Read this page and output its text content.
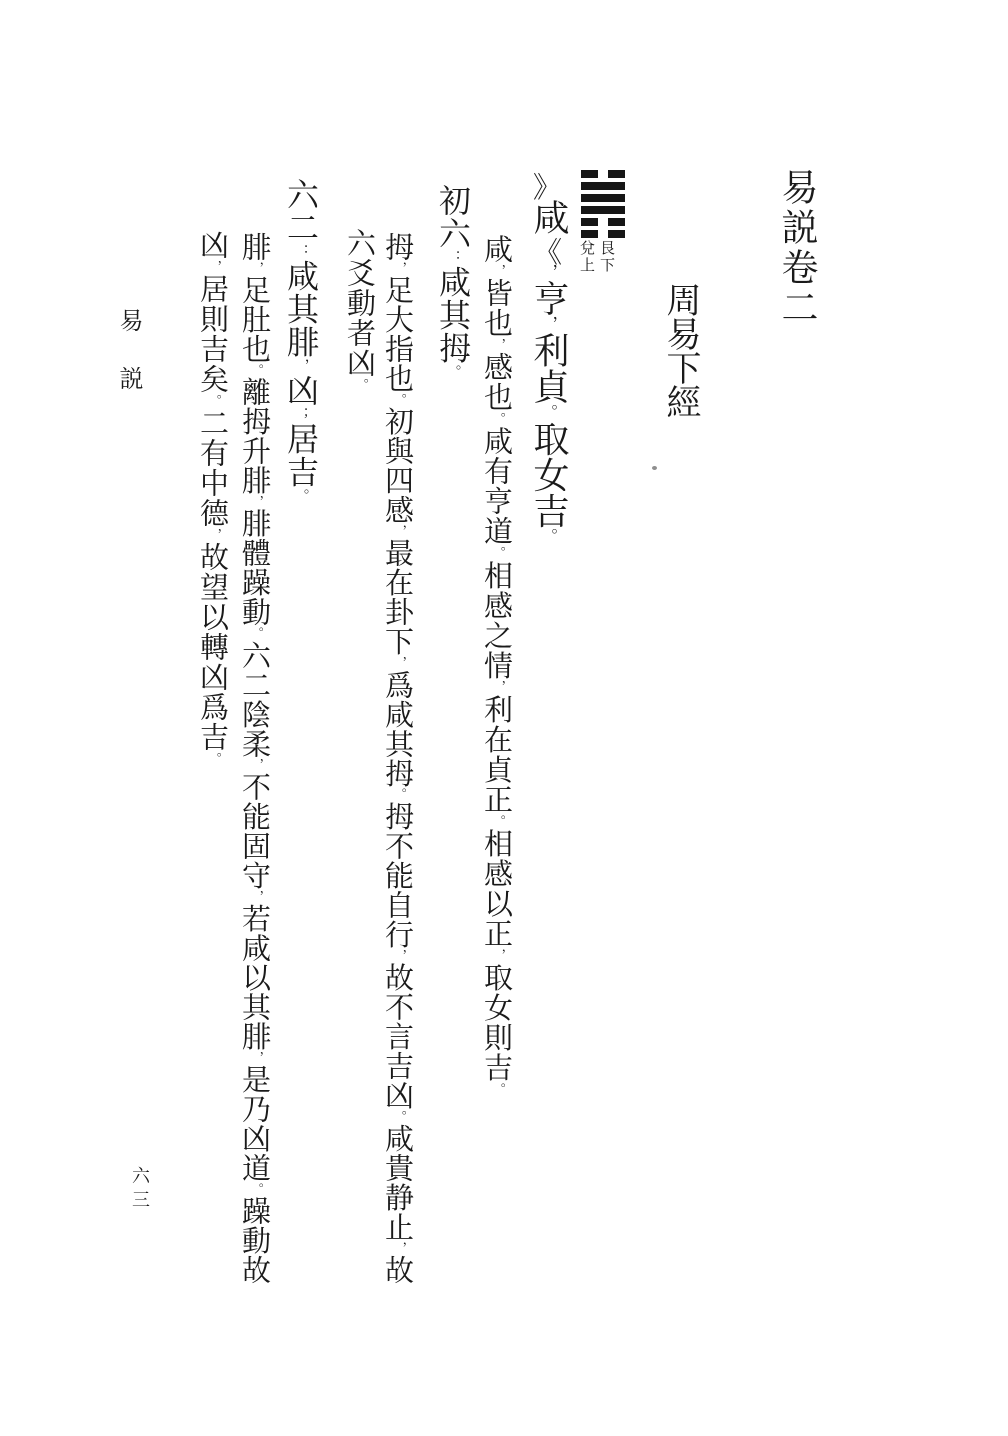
易説卷二
周易下經
艮下
兌上
《咸》，亨，利貞。取女吉。
咸，皆也，感也。咸有亨道。相感之情，利在貞正。相感以正，取女則吉。
初六：咸其拇。
拇，足大指也。初與四感，最在卦下，爲咸其拇。拇不能自行，故不言吉凶。咸貴静止，故
六爻動者凶。
六二：咸其腓，凶；居吉。
腓，足肚也。離拇升腓，腓體躁動。六二陰柔，不能固守，若咸以其腓，是乃凶道。躁動故
凶，居則吉矣。二有中德，故望以轉凶爲吉。
易説
六三
